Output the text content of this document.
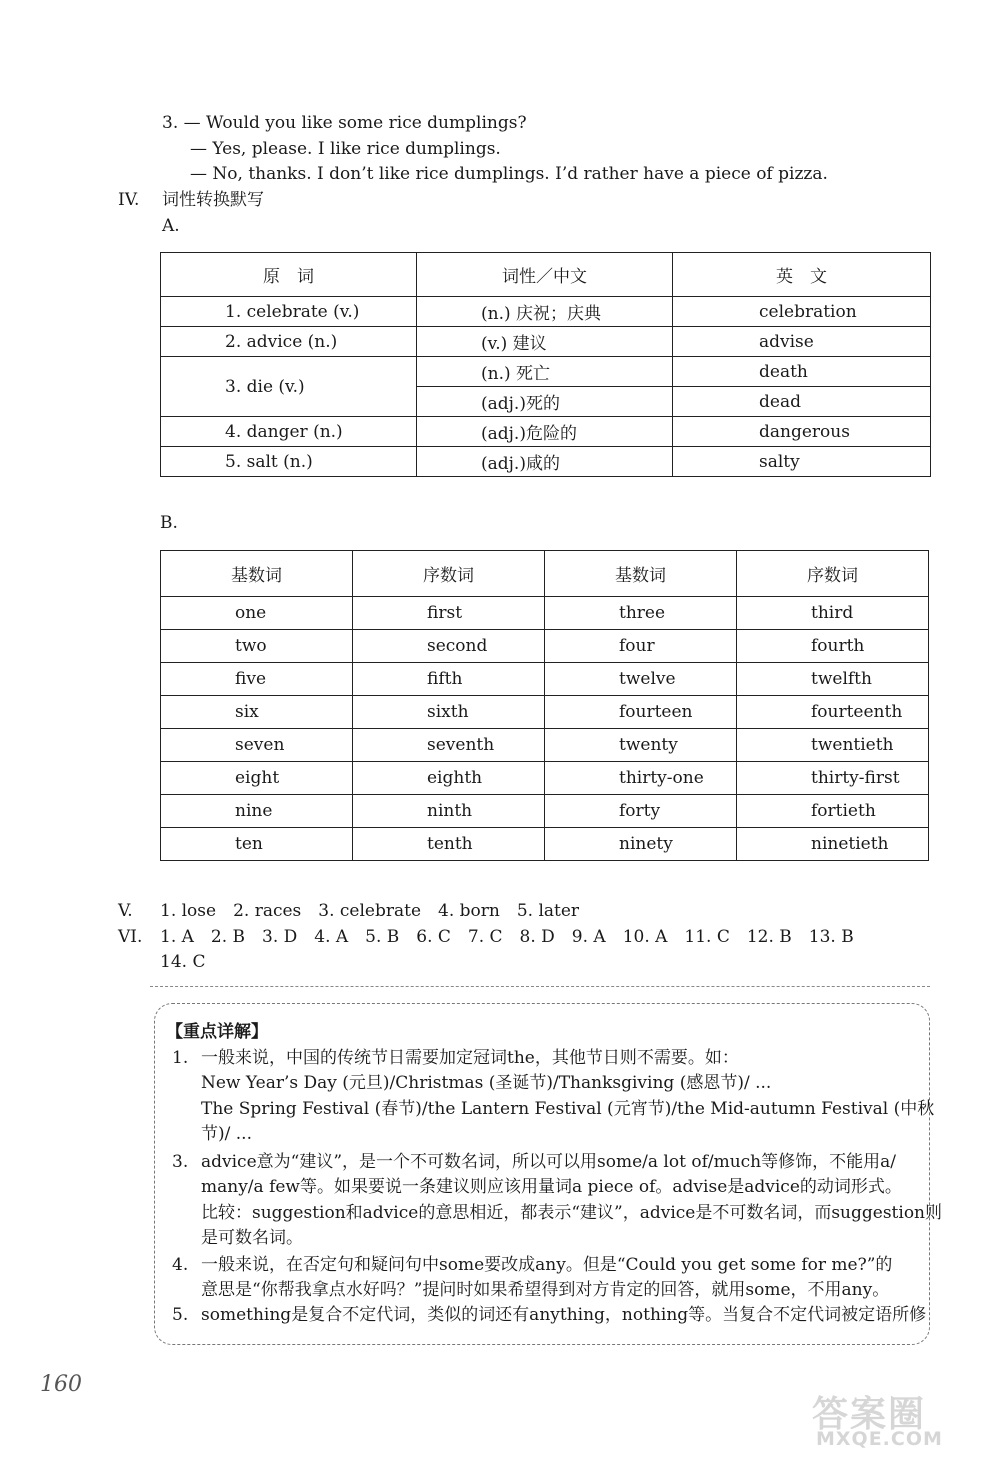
3. — Would you like some rice dumplings?
— Yes, please. I like rice dumplings.
— No, thanks. I don’t like rice dumplings. I’d rather have a piece of pizza.
IV. 词性转换默写
A.
原　词	词性／中文	英　文
1. celebrate (v.)	(n.) 庆祝；庆典	celebration
2. advice (n.)	(v.) 建议	advise
3. die (v.)	(n.) 死亡	death
	(adj.)死的	dead
4. danger (n.)	(adj.)危险的	dangerous
5. salt (n.)	(adj.)咸的	salty
B.
基数词	序数词	基数词	序数词
one	first	three	third
two	second	four	fourth
five	fifth	twelve	twelfth
six	sixth	fourteen	fourteenth
seven	seventh	twenty	twentieth
eight	eighth	thirty-one	thirty-first
nine	ninth	forty	fortieth
ten	tenth	ninety	ninetieth
V. 1. lose　2. races　3. celebrate　4. born　5. later
VI. 1. A　2. B　3. D　4. A　5. B　6. C　7. C　8. D　9. A　10. A　11. C　12. B　13. B
14. C
【重点详解】
1. 一般来说，中国的传统节日需要加定冠词the，其他节日则不需要。如：
New Year’s Day (元旦)/Christmas (圣诞节)/Thanksgiving (感恩节)/ ...
The Spring Festival (春节)/the Lantern Festival (元宵节)/the Mid-autumn Festival (中秋
节)/ ...
3. advice意为“建议”，是一个不可数名词，所以可以用some/a lot of/much等修饰，不能用a/
many/a few等。如果要说一条建议则应该用量词a piece of。advise是advice的动词形式。
比较：suggestion和advice的意思相近，都表示“建议”，advice是不可数名词，而suggestion则
是可数名词。
4. 一般来说，在否定句和疑问句中some要改成any。但是“Could you get some for me?”的
意思是“你帮我拿点水好吗？”提问时如果希望得到对方肯定的回答，就用some，不用any。
5. something是复合不定代词，类似的词还有anything，nothing等。当复合不定代词被定语所修
160
答案圈
MXQE.COM
